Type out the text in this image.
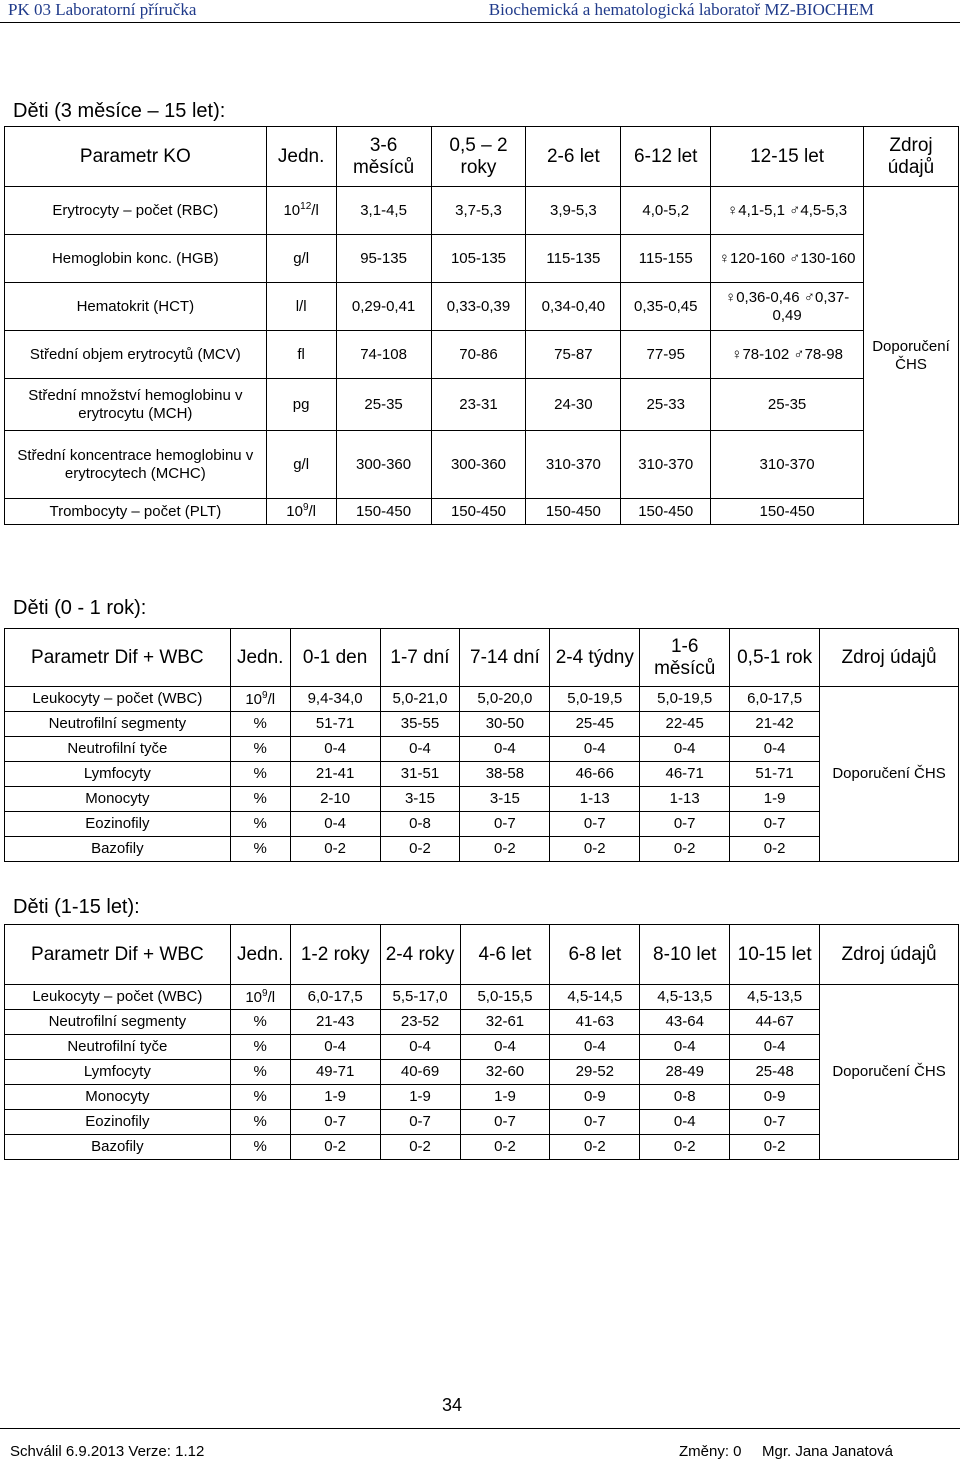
PK 03 Laboratorní příručka	Biochemická a hematologická laboratoř MZ-BIOCHEM
Děti (3 měsíce – 15 let):
Parametr KO	Jedn.	3-6 měsíců	0,5 – 2 roky	2-6 let	6-12 let	12-15 let	Zdroj údajů
Erytrocyty – počet (RBC)	$10^{12}/l$	3,1-4,5	3,7-5,3	3,9-5,3	4,0-5,2	♀4,1-5,1 ♂4,5-5,3	Doporučení ČHS
Hemoglobin konc. (HGB)	g/l	95-135	105-135	115-135	115-155	♀120-160 ♂130-160	
Hematokrit (HCT)	l/l	0,29-0,41	0,33-0,39	0,34-0,40	0,35-0,45	♀0,36-0,46 ♂0,37-0,49	
Střední objem erytrocytů (MCV)	fl	74-108	70-86	75-87	77-95	♀78-102 ♂78-98	
Střední množství hemoglobinu v erytrocytu (MCH)	pg	25-35	23-31	24-30	25-33	25-35	
Střední koncentrace hemoglobinu v erytrocytech (MCHC)	g/l	300-360	300-360	310-370	310-370	310-370	
Trombocyty – počet (PLT)	$10^9/l$	150-450	150-450	150-450	150-450	150-450	
Děti (0 - 1 rok):
Parametr Dif + WBC	Jedn.	0-1 den	1-7 dní	7-14 dní	2-4 týdny	1-6 měsíců	0,5-1 rok	Zdroj údajů
Leukocyty – počet (WBC)	$10^9/l$	9,4-34,0	5,0-21,0	5,0-20,0	5,0-19,5	5,0-19,5	6,0-17,5	Doporučení ČHS
Neutrofilní segmenty	%	51-71	35-55	30-50	25-45	22-45	21-42	
Neutrofilní tyče	%	0-4	0-4	0-4	0-4	0-4	0-4	
Lymfocyty	%	21-41	31-51	38-58	46-66	46-71	51-71	
Monocyty	%	2-10	3-15	3-15	1-13	1-13	1-9	
Eozinofily	%	0-4	0-8	0-7	0-7	0-7	0-7	
Bazofily	%	0-2	0-2	0-2	0-2	0-2	0-2	
Děti (1-15 let):
Parametr Dif + WBC	Jedn.	1-2 roky	2-4 roky	4-6 let	6-8 let	8-10 let	10-15 let	Zdroj údajů
Leukocyty – počet (WBC)	$10^9/l$	6,0-17,5	5,5-17,0	5,0-15,5	4,5-14,5	4,5-13,5	4,5-13,5	Doporučení ČHS
Neutrofilní segmenty	%	21-43	23-52	32-61	41-63	43-64	44-67	
Neutrofilní tyče	%	0-4	0-4	0-4	0-4	0-4	0-4	
Lymfocyty	%	49-71	40-69	32-60	29-52	28-49	25-48	
Monocyty	%	1-9	1-9	1-9	0-9	0-8	0-9	
Eozinofily	%	0-7	0-7	0-7	0-7	0-4	0-7	
Bazofily	%	0-2	0-2	0-2	0-2	0-2	0-2	
34
Schválil 6.9.2013 Verze: 1.12	Změny: 0 Mgr. Jana Janatová
